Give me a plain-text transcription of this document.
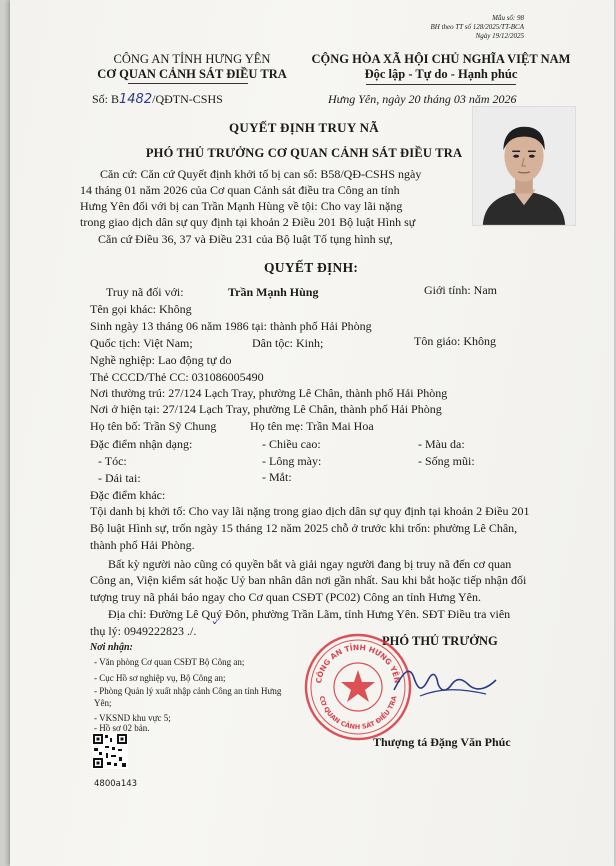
Mẫu số: 98
BH theo TT số 128/2025/TT-BCA
Ngày 19/12/2025
CÔNG AN TỈNH HƯNG YÊN
CƠ QUAN CẢNH SÁT ĐIỀU TRA
Số: B1482/QĐTN-CSHS
CỘNG HÒA XÃ HỘI CHỦ NGHĨA VIỆT NAM
Độc lập - Tự do - Hạnh phúc
Hưng Yên, ngày 20 tháng 03 năm 2026
QUYẾT ĐỊNH TRUY NÃ
PHÓ THỦ TRƯỞNG CƠ QUAN CẢNH SÁT ĐIỀU TRA
Căn cứ: Căn cứ Quyết định khởi tố bị can số: B58/QĐ-CSHS ngày
14 tháng 01 năm 2026 của Cơ quan Cảnh sát điều tra Công an tỉnh
Hưng Yên đối với bị can Trần Mạnh Hùng về tội: Cho vay lãi nặng
trong giao dịch dân sự quy định tại khoản 2 Điều 201 Bộ luật Hình sự
Căn cứ Điều 36, 37 và Điều 231 của Bộ luật Tố tụng hình sự,
QUYẾT ĐỊNH:
Truy nã đối với:	Trần Mạnh Hùng	Giới tính: Nam
Tên gọi khác: Không
Sinh ngày 13 tháng 06 năm 1986 tại: thành phố Hải Phòng
Quốc tịch: Việt Nam;	Dân tộc: Kinh;	Tôn giáo: Không
Nghề nghiệp: Lao động tự do
Thẻ CCCD/Thẻ CC: 031086005490
Nơi thường trú: 27/124 Lạch Tray, phường Lê Chân, thành phố Hải Phòng
Nơi ở hiện tại: 27/124 Lạch Tray, phường Lê Chân, thành phố Hải Phòng
Họ tên bố: Trần Sỹ Chung	Họ tên mẹ: Trần Mai Hoa
Đặc điểm nhận dạng:	- Chiều cao:	- Màu da:
- Tóc:	- Lông mày:	- Sống mũi:
- Dái tai:	- Mắt:
Đặc điểm khác:
Tội danh bị khởi tố: Cho vay lãi nặng trong giao dịch dân sự quy định tại khoản 2 Điều 201
Bộ luật Hình sự, trốn ngày 15 tháng 12 năm 2025 chỗ ở trước khi trốn: phường Lê Chân,
thành phố Hải Phòng.
Bất kỳ người nào cũng có quyền bắt và giải ngay người đang bị truy nã đến cơ quan
Công an, Viện kiểm sát hoặc Uỷ ban nhân dân nơi gần nhất. Sau khi bắt hoặc tiếp nhận đối
tượng truy nã phải báo ngay cho Cơ quan CSĐT (PC02) Công an tỉnh Hưng Yên.
Địa chỉ: Đường Lê Quý Đôn, phường Trần Lãm, tỉnh Hưng Yên. SĐT Điều tra viên
thụ lý: 0949222823 ./. ˇ
Nơi nhận:
- Văn phòng Cơ quan CSĐT Bộ Công an;
- Cục Hồ sơ nghiệp vụ, Bộ Công an;
- Phòng Quản lý xuất nhập cảnh Công an tỉnh Hưng
Yên;
- VKSND khu vực 5;
- Hồ sơ 02 bản.
4800a143
PHÓ THỦ TRƯỞNG
CÔNG AN TỈNH HƯNG YÊN
CƠ QUAN CẢNH SÁT ĐIỀU TRA
Thượng tá Đặng Văn Phúc
